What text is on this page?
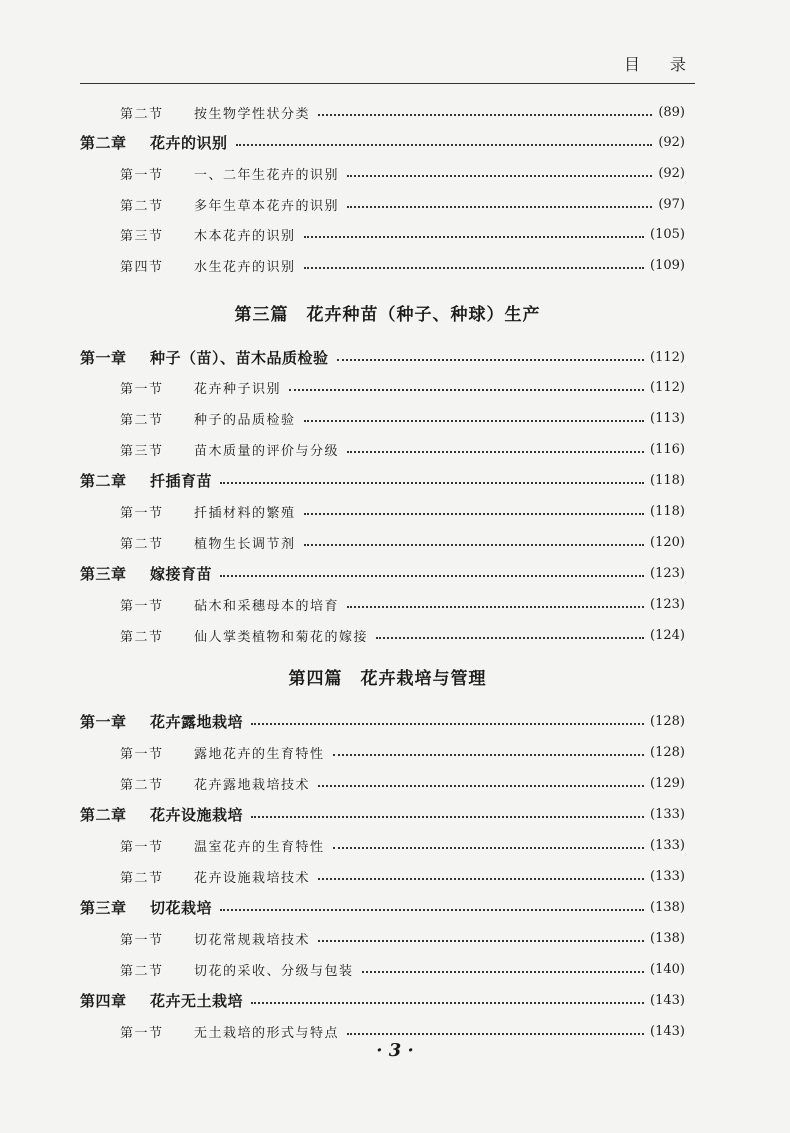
目录
第二节 按生物学性状分类	(89)
第二章 花卉的识别	(92)
第一节 一、二年生花卉的识别	(92)
第二节 多年生草本花卉的识别	(97)
第三节 木本花卉的识别	(105)
第四节 水生花卉的识别	(109)
第三篇　花卉种苗（种子、种球）生产
第一章 种子（苗）、苗木品质检验	(112)
第一节 花卉种子识别	(112)
第二节 种子的品质检验	(113)
第三节 苗木质量的评价与分级	(116)
第二章 扦插育苗	(118)
第一节 扦插材料的繁殖	(118)
第二节 植物生长调节剂	(120)
第三章 嫁接育苗	(123)
第一节 砧木和采穗母本的培育	(123)
第二节 仙人掌类植物和菊花的嫁接	(124)
第四篇　花卉栽培与管理
第一章 花卉露地栽培	(128)
第一节 露地花卉的生育特性	(128)
第二节 花卉露地栽培技术	(129)
第二章 花卉设施栽培	(133)
第一节 温室花卉的生育特性	(133)
第二节 花卉设施栽培技术	(133)
第三章 切花栽培	(138)
第一节 切花常规栽培技术	(138)
第二节 切花的采收、分级与包装	(140)
第四章 花卉无土栽培	(143)
第一节 无土栽培的形式与特点	(143)
· 3 ·
